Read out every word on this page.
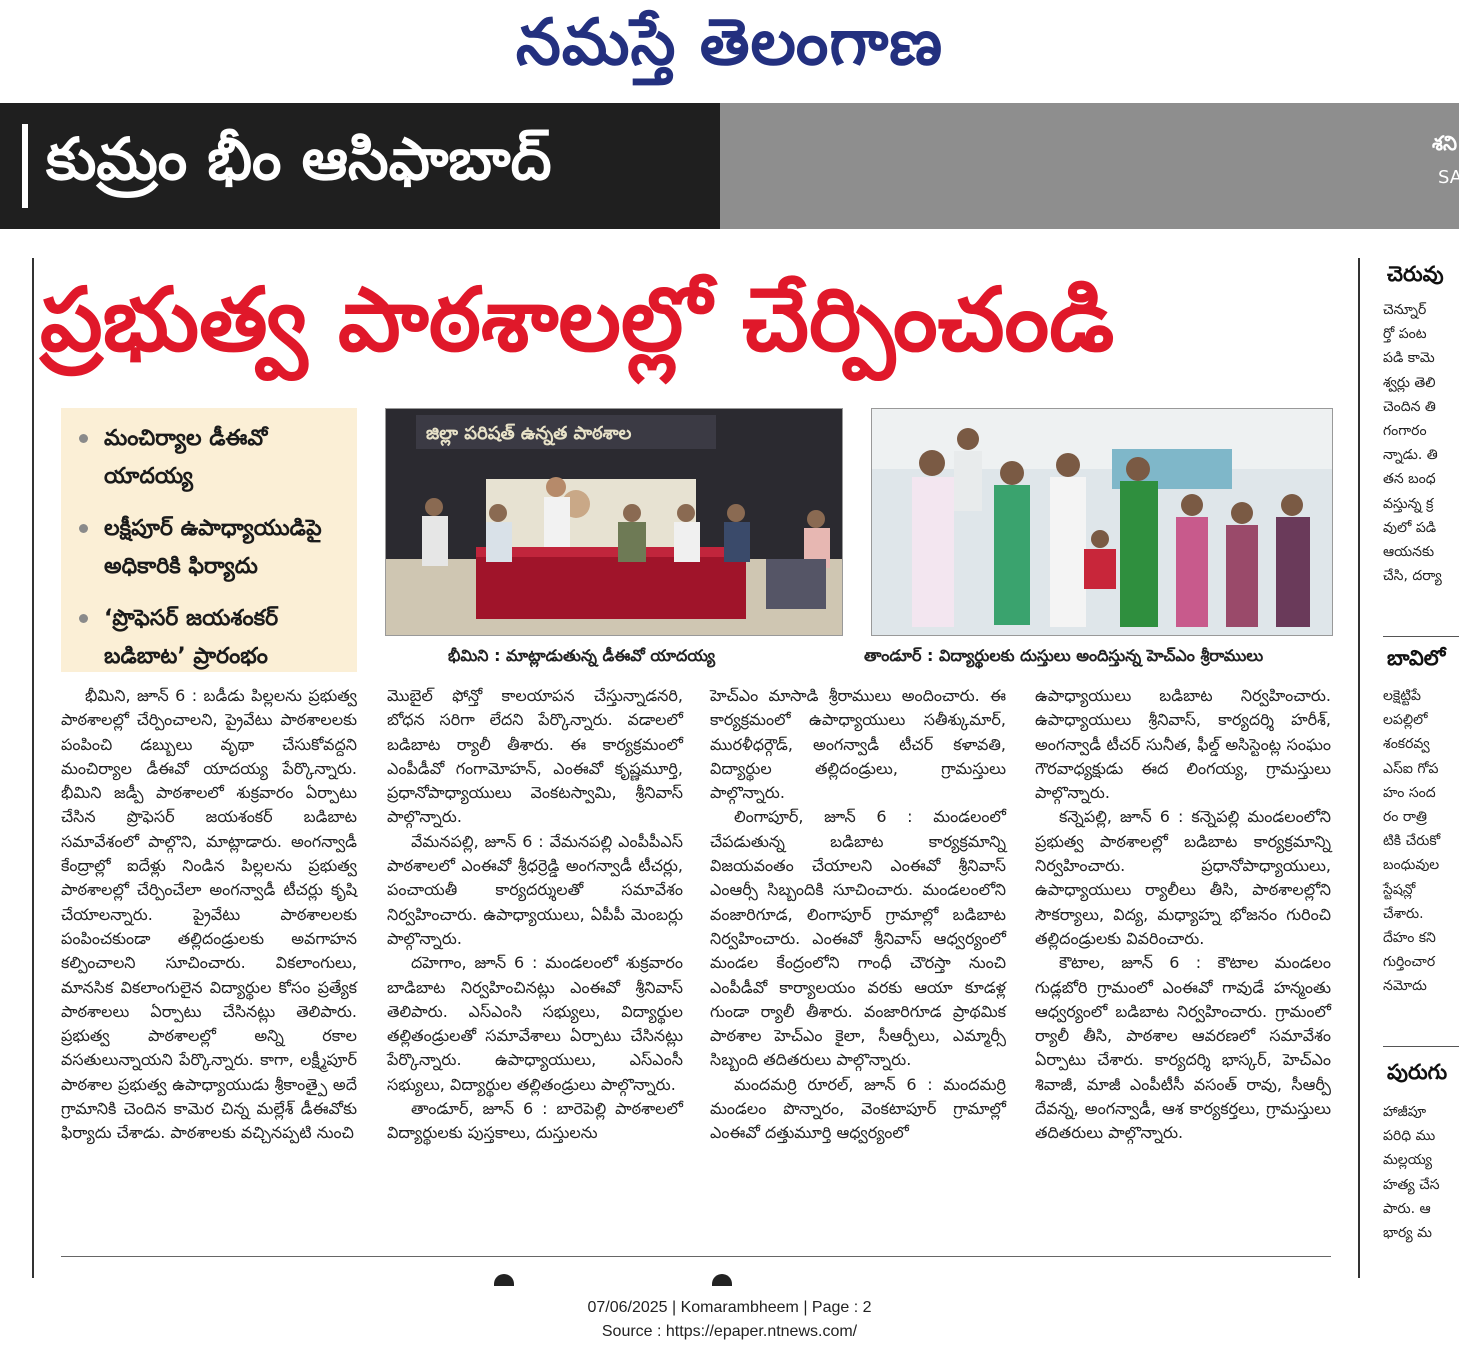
నమస్తే తెలంగాణ
కుమ్రం భీం ఆసిఫాబాద్	శని
SA
ప్రభుత్వ పాఠశాలల్లో చేర్పించండి
మంచిర్యాల డీఈవో యాదయ్య
లక్షీపూర్ ఉపాధ్యాయుడిపై అధికారికి ఫిర్యాదు
‘ప్రొఫెసర్ జయశంకర్ బడిబాట’ ప్రారంభం
జిల్లా పరిషత్ ఉన్నత పాఠశాల
భీమిని : మాట్లాడుతున్న డీఈవో యాదయ్య	తాండూర్ : విద్యార్థులకు దుస్తులు అందిస్తున్న హెచ్ఎం శ్రీరాములు

భీమిని, జూన్ 6 : బడీడు పిల్లలను ప్రభుత్వ పాఠశాలల్లో చేర్పించాలని, ప్రైవేటు పాఠశాలలకు పంపించి డబ్బులు వృథా చేసుకోవద్దని మంచిర్యాల డీఈవో యాదయ్య పేర్కొన్నారు. భీమిని జడ్పీ పాఠశాలలో శుక్రవారం ఏర్పాటు చేసిన ప్రొఫెసర్ జయశంకర్ బడిబాట సమావేశంలో పాల్గొని, మాట్లాడారు. అంగన్వాడీ కేంద్రాల్లో ఐదేళ్లు నిండిన పిల్లలను ప్రభుత్వ పాఠశాలల్లో చేర్పించేలా అంగన్వాడీ టీచర్లు కృషి చేయాలన్నారు. ప్రైవేటు పాఠశాలలకు పంపించకుండా తల్లిదండ్రులకు అవగాహన కల్పించాలని సూచించారు. వికలాంగులు, మానసిక వికలాంగులైన విద్యార్థుల కోసం ప్రత్యేక పాఠశాలలు ఏర్పాటు చేసినట్లు తెలిపారు. ప్రభుత్వ పాఠశాలల్లో అన్ని రకాల వసతులున్నాయని పేర్కొన్నారు. కాగా, లక్ష్మీపూర్ పాఠశాల ప్రభుత్వ ఉపాధ్యాయుడు శ్రీకాంత్పై అదే గ్రామానికి చెందిన కామెర చిన్న మల్లేశ్ డీఈవోకు ఫిర్యాదు చేశాడు. పాఠశాలకు వచ్చినప్పటి నుంచి

మొబైల్ ఫోన్తో కాలయాపన చేస్తున్నాడనరి, బోధన సరిగా లేదని పేర్కొన్నారు. వడాలలో బడిబాట ర్యాలీ తీశారు. ఈ కార్యక్రమంలో ఎంపీడీవో గంగామోహన్, ఎంఈవో కృష్ణమూర్తి, ప్రధానోపాధ్యాయులు వెంకటస్వామి, శ్రీనివాస్ పాల్గొన్నారు.

వేమనపల్లి, జూన్ 6 : వేమనపల్లి ఎంపీపీఎస్ పాఠశాలలో ఎంఈవో శ్రీధర్రెడ్డి అంగన్వాడీ టీచర్లు, పంచాయతీ కార్యదర్శులతో సమావేశం నిర్వహించారు. ఉపాధ్యాయులు, ఏపీపీ మెంబర్లు పాల్గొన్నారు.

దహెగాం, జూన్ 6 : మండలంలో శుక్రవారం బాడిబాట నిర్వహించినట్లు ఎంఈవో శ్రీనివాస్ తెలిపారు. ఎస్ఎంసి సభ్యులు, విద్యార్థుల తల్లితండ్రులతో సమావేశాలు ఏర్పాటు చేసినట్లు పేర్కొన్నారు. ఉపాధ్యాయులు, ఎస్ఎంసీ సభ్యులు, విద్యార్థుల తల్లితండ్రులు పాల్గొన్నారు.

తాండూర్, జూన్ 6 : బారెపెల్లి పాఠశాలలో విద్యార్థులకు పుస్తకాలు, దుస్తులను

హెచ్ఎం మాసాడి శ్రీరాములు అందించారు. ఈ కార్యక్రమంలో ఉపాధ్యాయులు సతీశ్కుమార్, మురళీధర్గౌడ్, అంగన్వాడీ టీచర్ కళావతి, విద్యార్థుల తల్లిదండ్రులు, గ్రామస్తులు పాల్గొన్నారు.

లింగాపూర్, జూన్ 6 : మండలంలో చేపడుతున్న బడిబాట కార్యక్రమాన్ని విజయవంతం చేయాలని ఎంఈవో శ్రీనివాస్ ఎంఆర్సీ సిబ్బందికి సూచించారు. మండలంలోని వంజారిగూడ, లింగాపూర్ గ్రామాల్లో బడిబాట నిర్వహించారు. ఎంఈవో శ్రీనివాస్ ఆధ్వర్యంలో మండల కేంద్రంలోని గాంధీ చౌరస్తా నుంచి ఎంపీడీవో కార్యాలయం వరకు ఆయా కూడళ్ల గుండా ర్యాలీ తీశారు. వంజారిగూడ ప్రాథమిక పాఠశాల హెచ్ఎం కైలా, సీఆర్పీలు, ఎమ్మార్సీ సిబ్బంది తదితరులు పాల్గొన్నారు.

మందమర్రి రూరల్, జూన్ 6 : మందమర్రి మండలం పొన్నారం, వెంకటాపూర్ గ్రామాల్లో ఎంఈవో దత్తుమూర్తి ఆధ్వర్యంలో

ఉపాధ్యాయులు బడిబాట నిర్వహించారు. ఉపాధ్యాయులు శ్రీనివాస్, కార్యదర్శి హరీశ్, అంగన్వాడీ టీచర్ సునీత, ఫీల్డ్ అసిస్టెంట్ల సంఘం గౌరవాధ్యక్షుడు ఈద లింగయ్య, గ్రామస్తులు పాల్గొన్నారు.

కన్నెపల్లి, జూన్ 6 : కన్నెపల్లి మండలంలోని ప్రభుత్వ పాఠశాలల్లో బడిబాట కార్యక్రమాన్ని నిర్వహించారు. ప్రధానోపాధ్యాయులు, ఉపాధ్యాయులు ర్యాలీలు తీసి, పాఠశాలల్లోని సౌకర్యాలు, విద్య, మధ్యాహ్న భోజనం గురించి తల్లిదండ్రులకు వివరించారు.

కౌటాల, జూన్ 6 : కౌటాల మండలం గుడ్లబోరి గ్రామంలో ఎంఈవో గావుడే హన్మంతు ఆధ్వర్యంలో బడిబాట నిర్వహించారు. గ్రామంలో ర్యాలీ తీసి, పాఠశాల ఆవరణలో సమావేశం ఏర్పాటు చేశారు. కార్యదర్శి భాస్కర్, హెచ్ఎం శివాజీ, మాజీ ఎంపీటీసీ వసంత్ రావు, సీఆర్పీ దేవన్న, అంగన్వాడీ, ఆశ కార్యకర్తలు, గ్రామస్తులు తదితరులు పాల్గొన్నారు.

చెరువు
చెన్నూర్
ర్తో పంట
పడి కామె
శ్వర్లు తెలి
చెందిన తి
గంగారం
న్నాడు. తి
తన బంధ
వస్తున్న క్ర
వులో పడి
ఆయనకు
చేసి, దర్యా
బావిలో
లక్షెట్టిపే
లపల్లిలో
శంకరవ్వ
ఎస్ఐ గోప
హం సంద
రం రాత్రి
టికి చేరుకో
బంధువుల
స్టేషన్లో
చేశారు.
దేహం కని
గుర్తించార
నమోదు
పురుగు
హాజీపూ
పరిధి ము
మల్లయ్య
హత్య చేస
పారు. ఆ
భార్య మ
07/06/2025 | Komarambheem | Page : 2
Source : https://epaper.ntnews.com/
